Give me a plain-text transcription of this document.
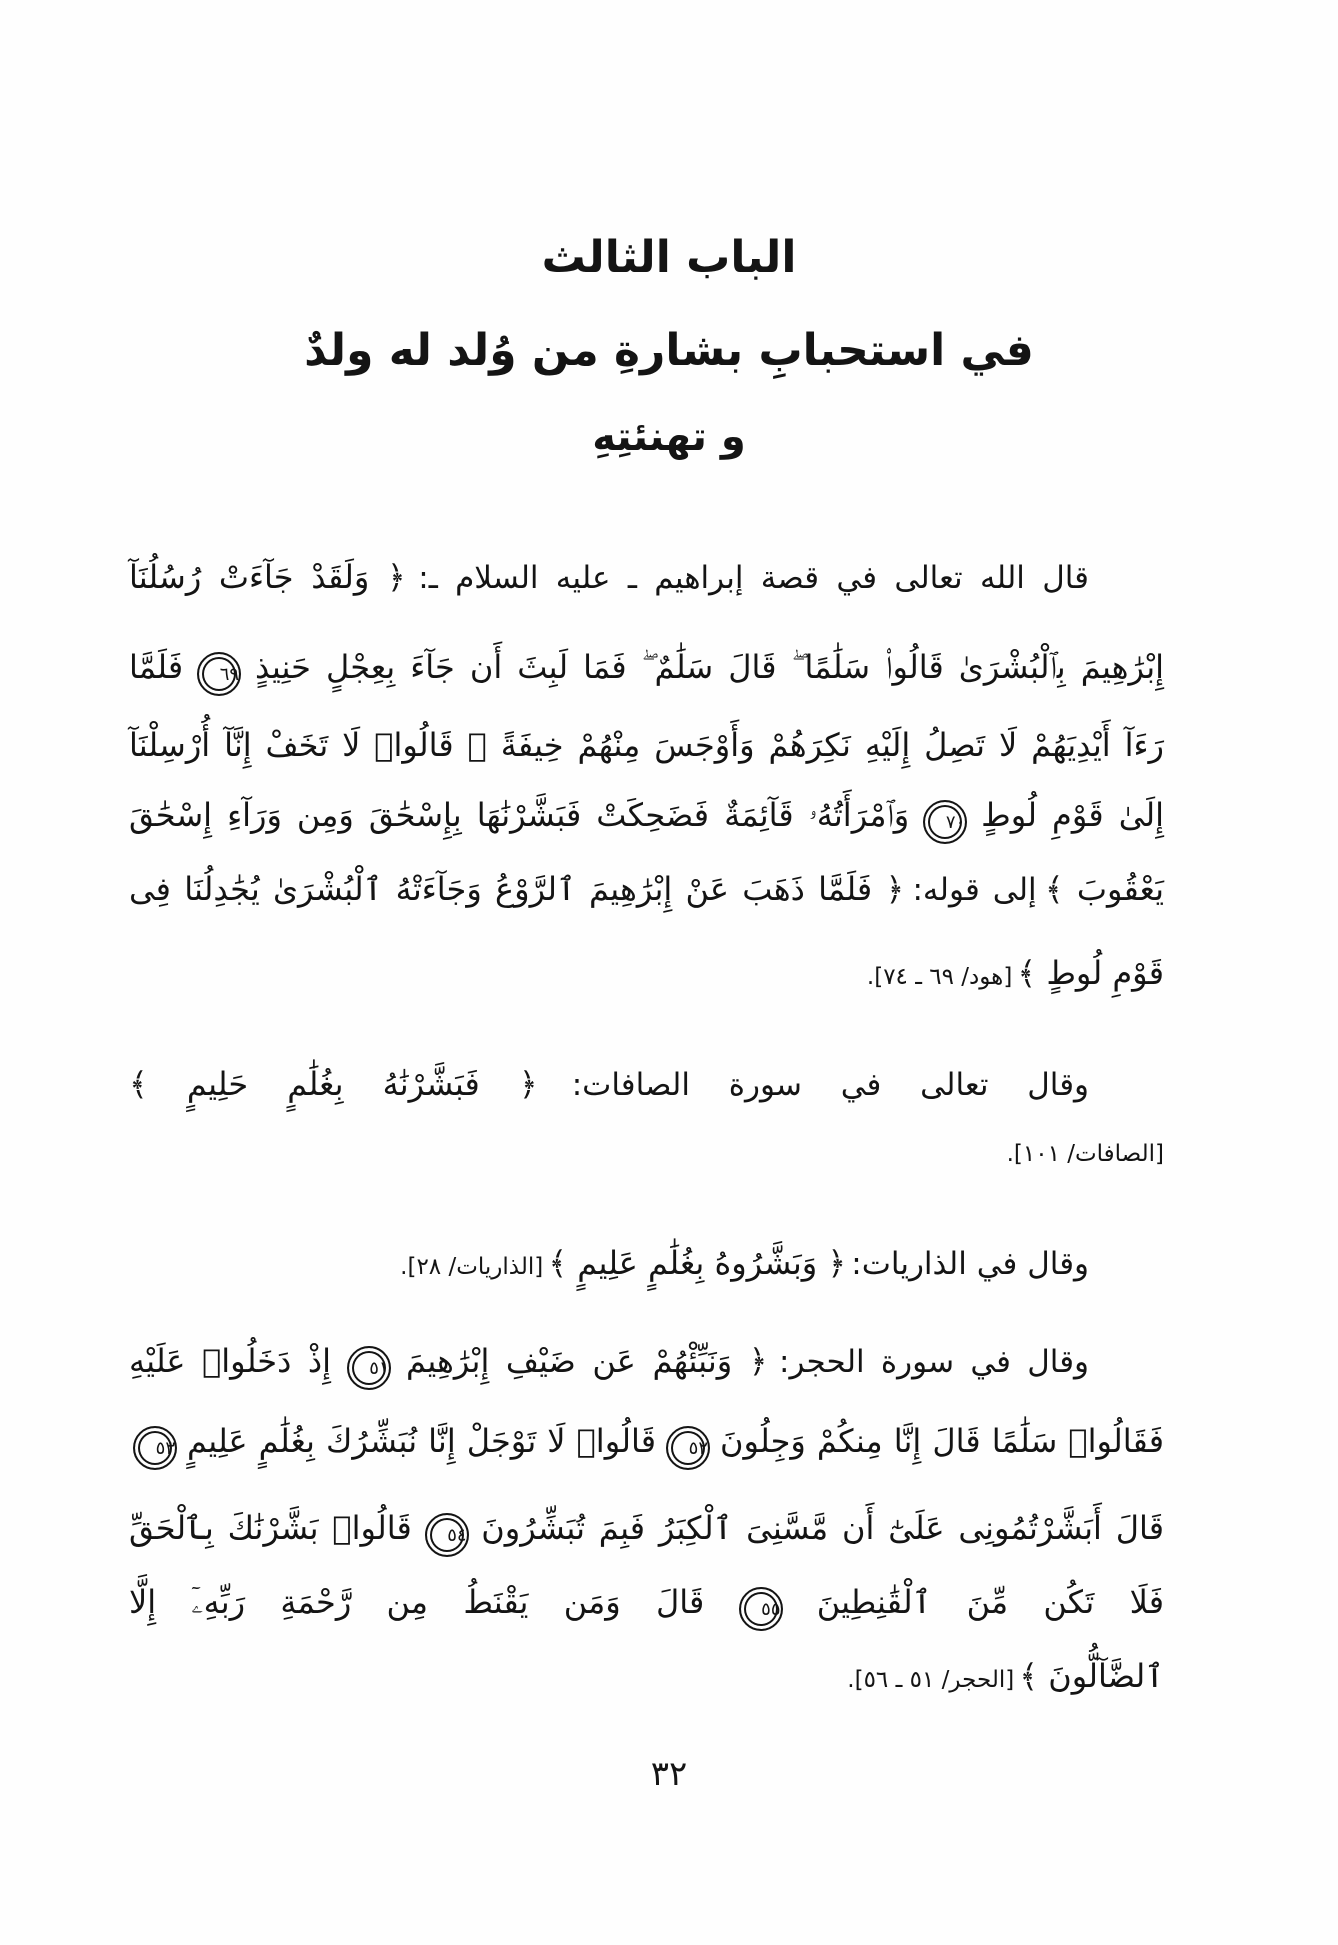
الباب الثالث
في استحبابِ بشارةِ من وُلد له ولدٌ
و تهنئتِهِ
قال الله تعالى في قصة إبراهيم ـ عليه السلام ـ: ﴿ وَلَقَدْ جَآءَتْ رُسُلُنَآ
إِبْرَٰهِيمَ بِٱلْبُشْرَىٰ قَالُوا۟ سَلَٰمًا ۖ قَالَ سَلَٰمٌ ۖ فَمَا لَبِثَ أَن جَآءَ بِعِجْلٍ حَنِيذٍ ٦٩ فَلَمَّا
رَءَآ أَيْدِيَهُمْ لَا تَصِلُ إِلَيْهِ نَكِرَهُمْ وَأَوْجَسَ مِنْهُمْ خِيفَةً ۚ قَالُوا۟ لَا تَخَفْ إِنَّآ أُرْسِلْنَآ
إِلَىٰ قَوْمِ لُوطٍ ٧٠ وَٱمْرَأَتُهُۥ قَآئِمَةٌ فَضَحِكَتْ فَبَشَّرْنَٰهَا بِإِسْحَٰقَ وَمِن وَرَآءِ إِسْحَٰقَ
يَعْقُوبَ ﴾ إلى قوله: ﴿ فَلَمَّا ذَهَبَ عَنْ إِبْرَٰهِيمَ ٱلرَّوْعُ وَجَآءَتْهُ ٱلْبُشْرَىٰ يُجَٰدِلُنَا فِى
قَوْمِ لُوطٍ ﴾ [هود/ ٦٩ ـ ٧٤].
وقال تعالى في سورة الصافات: ﴿ فَبَشَّرْنَٰهُ بِغُلَٰمٍ حَلِيمٍ ﴾
[الصافات/ ١٠١].
وقال في الذاريات: ﴿ وَبَشَّرُوهُ بِغُلَٰمٍ عَلِيمٍ ﴾ [الذاريات/ ٢٨].
وقال في سورة الحجر: ﴿ وَنَبِّئْهُمْ عَن ضَيْفِ إِبْرَٰهِيمَ ٥١ إِذْ دَخَلُوا۟ عَلَيْهِ
فَقَالُوا۟ سَلَٰمًا قَالَ إِنَّا مِنكُمْ وَجِلُونَ ٥٢ قَالُوا۟ لَا تَوْجَلْ إِنَّا نُبَشِّرُكَ بِغُلَٰمٍ عَلِيمٍ ٥٣
قَالَ أَبَشَّرْتُمُونِى عَلَىٰٓ أَن مَّسَّنِىَ ٱلْكِبَرُ فَبِمَ تُبَشِّرُونَ ٥٤ قَالُوا۟ بَشَّرْنَٰكَ بِٱلْحَقِّ
فَلَا تَكُن مِّنَ ٱلْقَٰنِطِينَ ٥٥ قَالَ وَمَن يَقْنَطُ مِن رَّحْمَةِ رَبِّهِۦٓ إِلَّا
ٱلضَّآلُّونَ ﴾ [الحجر/ ٥١ ـ ٥٦].
٣٢
